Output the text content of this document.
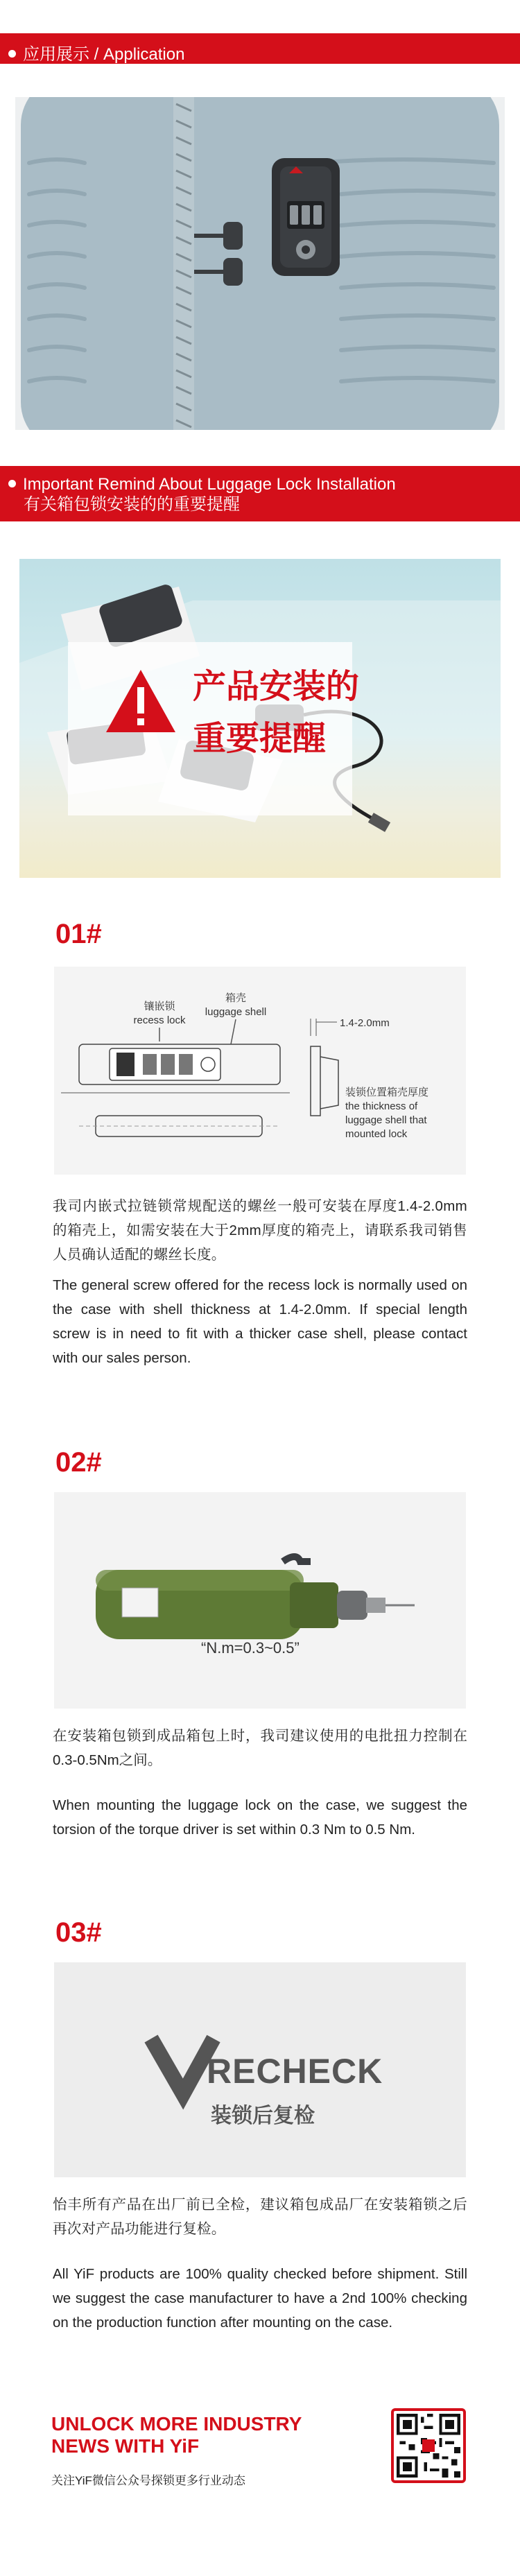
应用展示 / Application
Important Remind About Luggage Lock Installation
有关箱包锁安装的的重要提醒
产品安装的
重要提醒
01#
镶嵌锁
recess lock
箱壳
luggage shell
1.4-2.0mm
装锁位置箱壳厚度
the thickness of
luggage shell that
mounted lock
我司内嵌式拉链锁常规配送的螺丝一般可安装在厚度1.4-2.0mm的箱壳上，如需安装在大于2mm厚度的箱壳上，请联系我司销售人员确认适配的螺丝长度。
The general screw offered for the recess lock is normally used on the case with shell thickness at 1.4-2.0mm. If special length screw is in need to fit with a thicker case shell, please contact with our sales person.
02#
“N.m=0.3~0.5”
在安装箱包锁到成品箱包上时，我司建议使用的电批扭力控制在0.3-0.5Nm之间。
When mounting the luggage lock on the case, we suggest the torsion of the torque driver is set within 0.3 Nm to 0.5 Nm.
03#
RECHECK
装锁后复检
怡丰所有产品在出厂前已全检，建议箱包成品厂在安装箱锁之后再次对产品功能进行复检。
All YiF products are 100% quality checked before shipment. Still we suggest the case manufacturer to have a 2nd 100% checking on the production function after mounting on the case.
UNLOCK MORE INDUSTRY
NEWS WITH YiF
关注YiF微信公众号探锁更多行业动态
